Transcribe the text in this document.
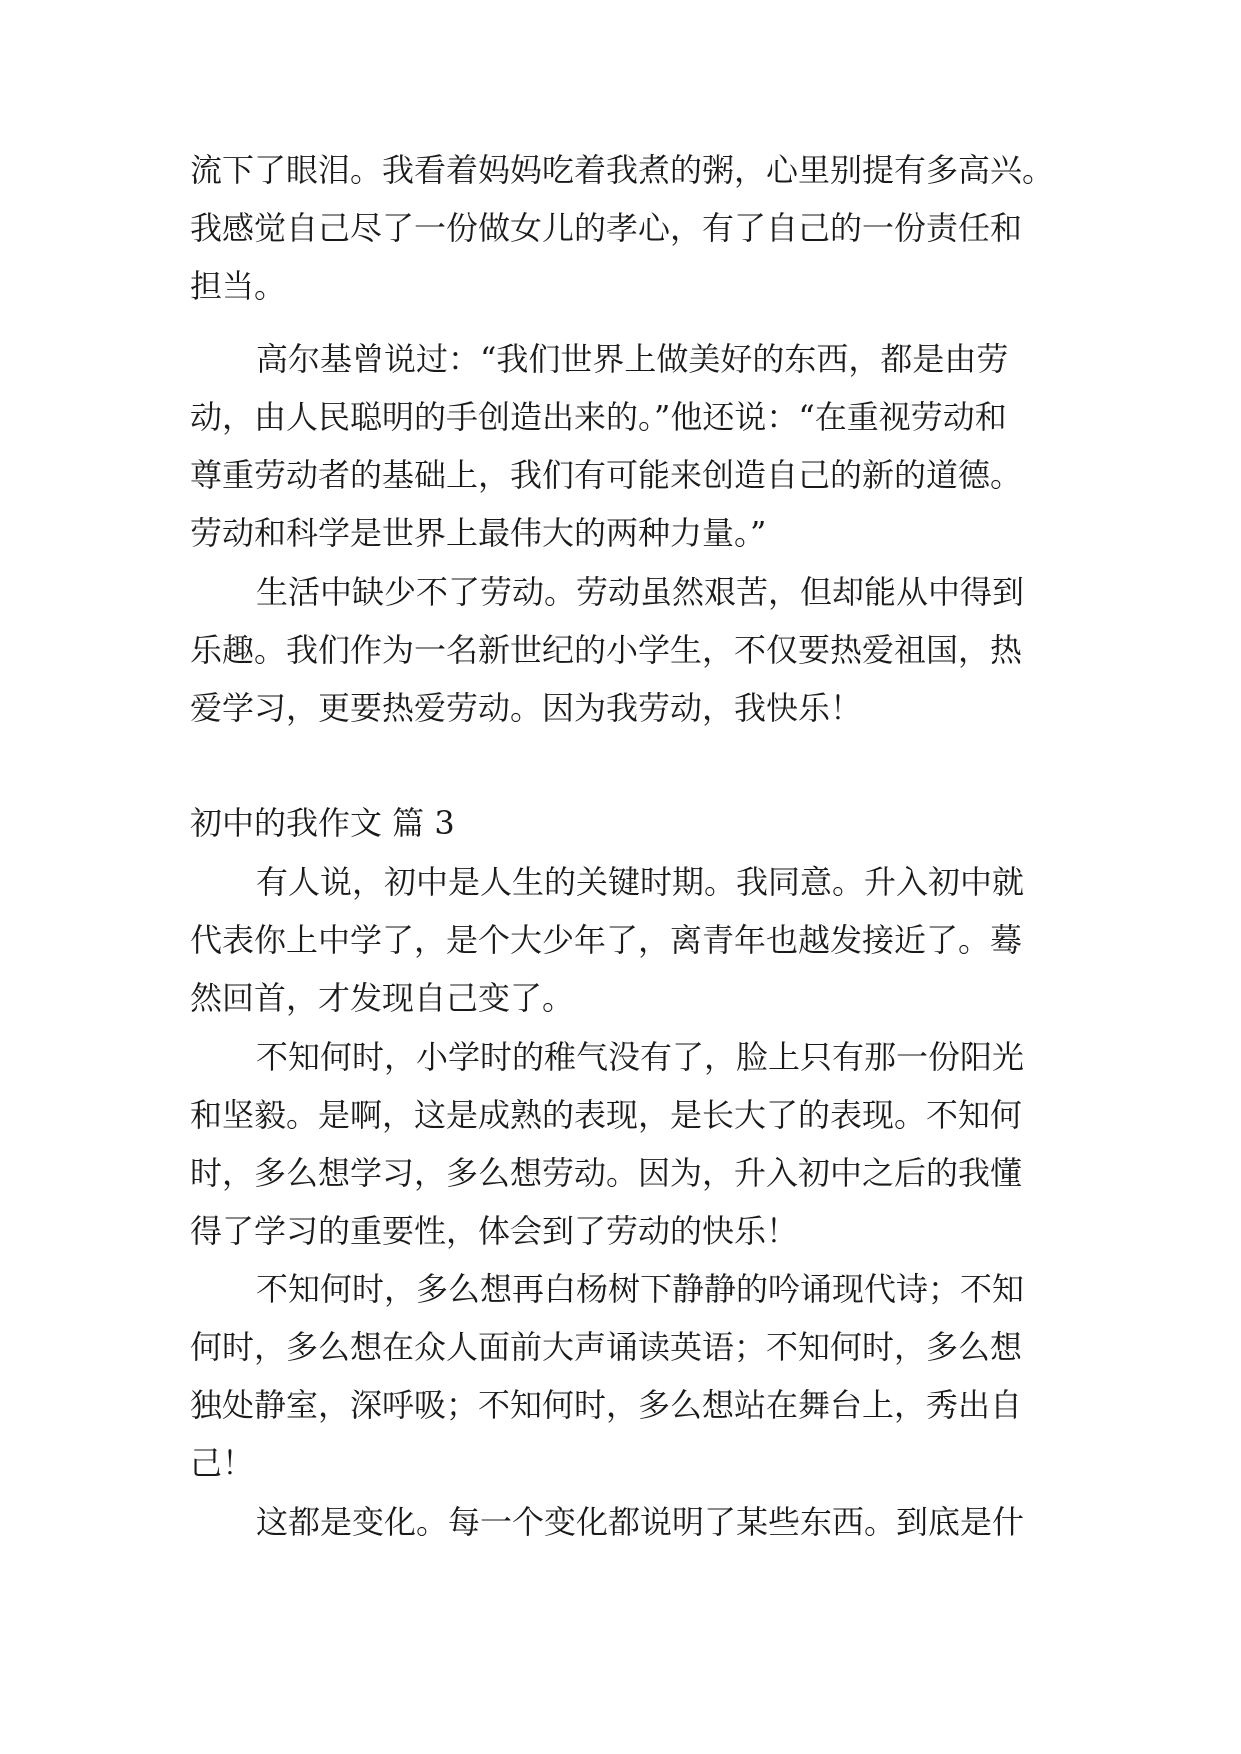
流下了眼泪。我看着妈妈吃着我煮的粥，心里别提有多高兴。
我感觉自己尽了一份做女儿的孝心，有了自己的一份责任和
担当。
高尔基曾说过：“我们世界上做美好的东西，都是由劳
动，由人民聪明的手创造出来的。”他还说：“在重视劳动和
尊重劳动者的基础上，我们有可能来创造自己的新的道德。
劳动和科学是世界上最伟大的两种力量。”
生活中缺少不了劳动。劳动虽然艰苦，但却能从中得到
乐趣。我们作为一名新世纪的小学生，不仅要热爱祖国，热
爱学习，更要热爱劳动。因为我劳动，我快乐！
初中的我作文 篇 3
有人说，初中是人生的关键时期。我同意。升入初中就
代表你上中学了，是个大少年了，离青年也越发接近了。蓦
然回首，才发现自己变了。
不知何时，小学时的稚气没有了，脸上只有那一份阳光
和坚毅。是啊，这是成熟的表现，是长大了的表现。不知何
时，多么想学习，多么想劳动。因为，升入初中之后的我懂
得了学习的重要性，体会到了劳动的快乐！
不知何时，多么想再白杨树下静静的吟诵现代诗；不知
何时，多么想在众人面前大声诵读英语；不知何时，多么想
独处静室，深呼吸；不知何时，多么想站在舞台上，秀出自
己！
这都是变化。每一个变化都说明了某些东西。到底是什
